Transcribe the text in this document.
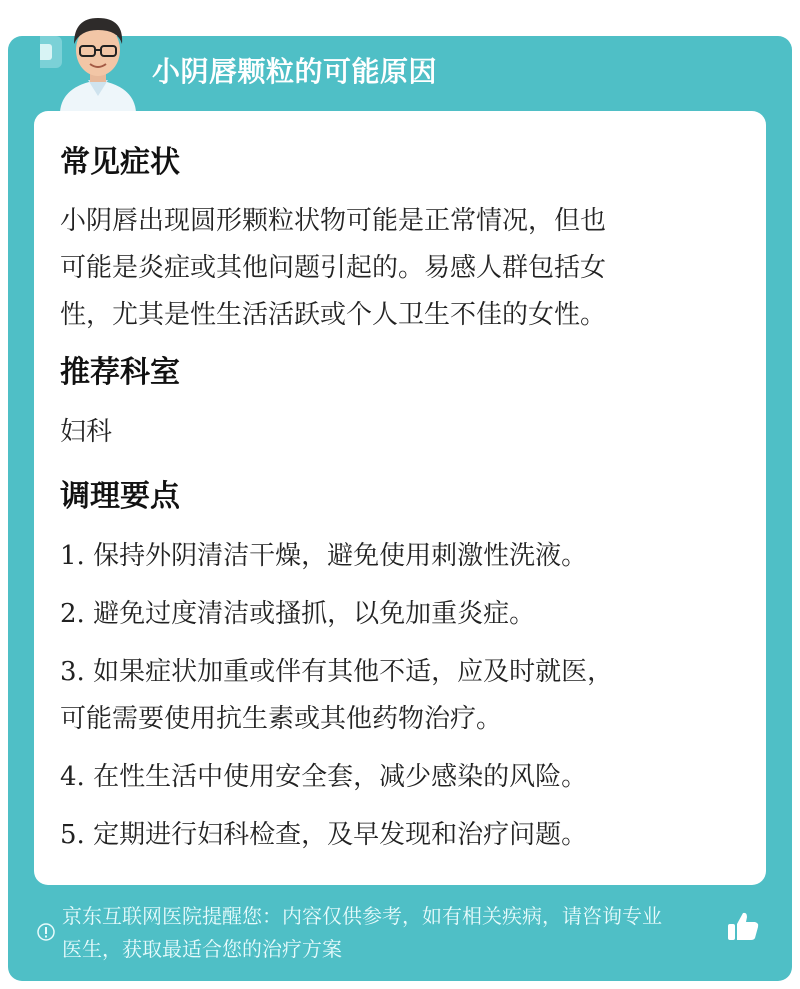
小阴唇颗粒的可能原因
常见症状
小阴唇出现圆形颗粒状物可能是正常情况，但也
可能是炎症或其他问题引起的。易感人群包括女
性，尤其是性生活活跃或个人卫生不佳的女性。
推荐科室
妇科
调理要点
1. 保持外阴清洁干燥，避免使用刺激性洗液。
2. 避免过度清洁或搔抓，以免加重炎症。
3. 如果症状加重或伴有其他不适，应及时就医，
可能需要使用抗生素或其他药物治疗。
4. 在性生活中使用安全套，减少感染的风险。
5. 定期进行妇科检查，及早发现和治疗问题。
京东互联网医院提醒您：内容仅供参考，如有相关疾病，请咨询专业
医生，获取最适合您的治疗方案
